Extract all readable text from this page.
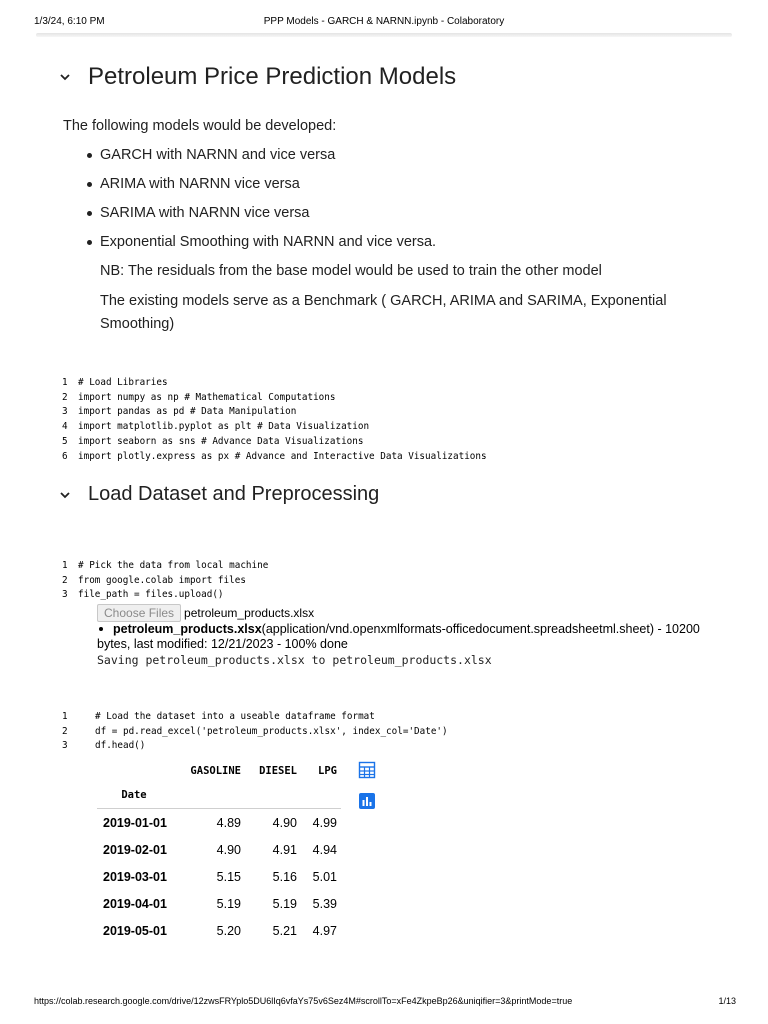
1/3/24, 6:10 PM	PPP Models - GARCH & NARNN.ipynb - Colaboratory
Petroleum Price Prediction Models
The following models would be developed:
GARCH with NARNN and vice versa
ARIMA with NARNN vice versa
SARIMA with NARNN vice versa
Exponential Smoothing with NARNN and vice versa.
NB: The residuals from the base model would be used to train the other model
The existing models serve as a Benchmark ( GARCH, ARIMA and SARIMA, Exponential
Smoothing)

1 # Load Libraries
2 import numpy as np # Mathematical Computations
3 import pandas as pd # Data Manipulation
4 import matplotlib.pyplot as plt # Data Visualization
5 import seaborn as sns # Advance Data Visualizations
6 import plotly.express as px # Advance and Interactive Data Visualizations

Load Dataset and Preprocessing

1 # Pick the data from local machine
2 from google.colab import files
3 file_path = files.upload()

Choose Files petroleum_products.xlsx
petroleum_products.xlsx(application/vnd.openxmlformats-officedocument.spreadsheetml.sheet) - 10200 bytes, last modified: 12/21/2023 - 100% done
Saving petroleum_products.xlsx to petroleum_products.xlsx

1	# Load the dataset into a useable dataframe format
2	df = pd.read_excel('petroleum_products.xlsx', index_col='Date')
3	df.head()

	GASOLINE	DIESEL	LPG
Date			
2019-01-01	4.89	4.90	4.99
2019-02-01	4.90	4.91	4.94
2019-03-01	5.15	5.16	5.01
2019-04-01	5.19	5.19	5.39
2019-05-01	5.20	5.21	4.97
https://colab.research.google.com/drive/12zwsFRYplo5DU6lIq6vfaYs75v6Sez4M#scrollTo=xFe4ZkpeBp26&uniqifier=3&printMode=true	1/13
